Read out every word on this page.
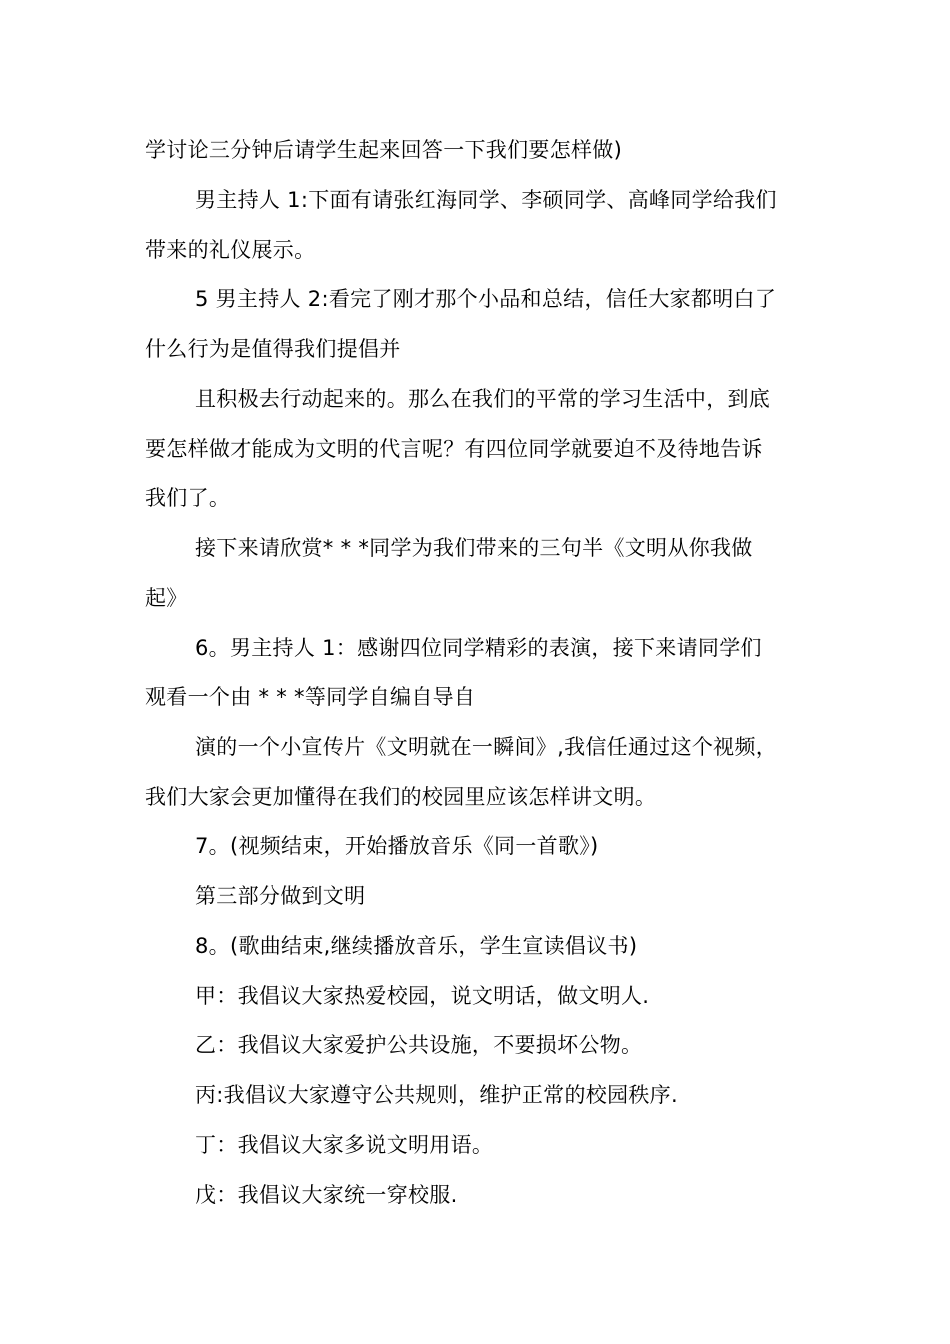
学讨论三分钟后请学生起来回答一下我们要怎样做)
男主持人 1:下面有请张红海同学、李硕同学、高峰同学给我们
带来的礼仪展示。
5 男主持人 2:看完了刚才那个小品和总结，信任大家都明白了
什么行为是值得我们提倡并
且积极去行动起来的。那么在我们的平常的学习生活中，到底
要怎样做才能成为文明的代言呢？有四位同学就要迫不及待地告诉
我们了。
接下来请欣赏* * *同学为我们带来的三句半《文明从你我做
起》
6。男主持人 1：感谢四位同学精彩的表演，接下来请同学们
观看一个由 * * *等同学自编自导自
演的一个小宣传片《文明就在一瞬间》,我信任通过这个视频，
我们大家会更加懂得在我们的校园里应该怎样讲文明。
7。(视频结束，开始播放音乐《同一首歌》)
第三部分做到文明
8。(歌曲结束,继续播放音乐，学生宣读倡议书)
甲：我倡议大家热爱校园，说文明话，做文明人.
乙：我倡议大家爱护公共设施，不要损坏公物。
丙:我倡议大家遵守公共规则，维护正常的校园秩序.
丁：我倡议大家多说文明用语。
戊：我倡议大家统一穿校服.
